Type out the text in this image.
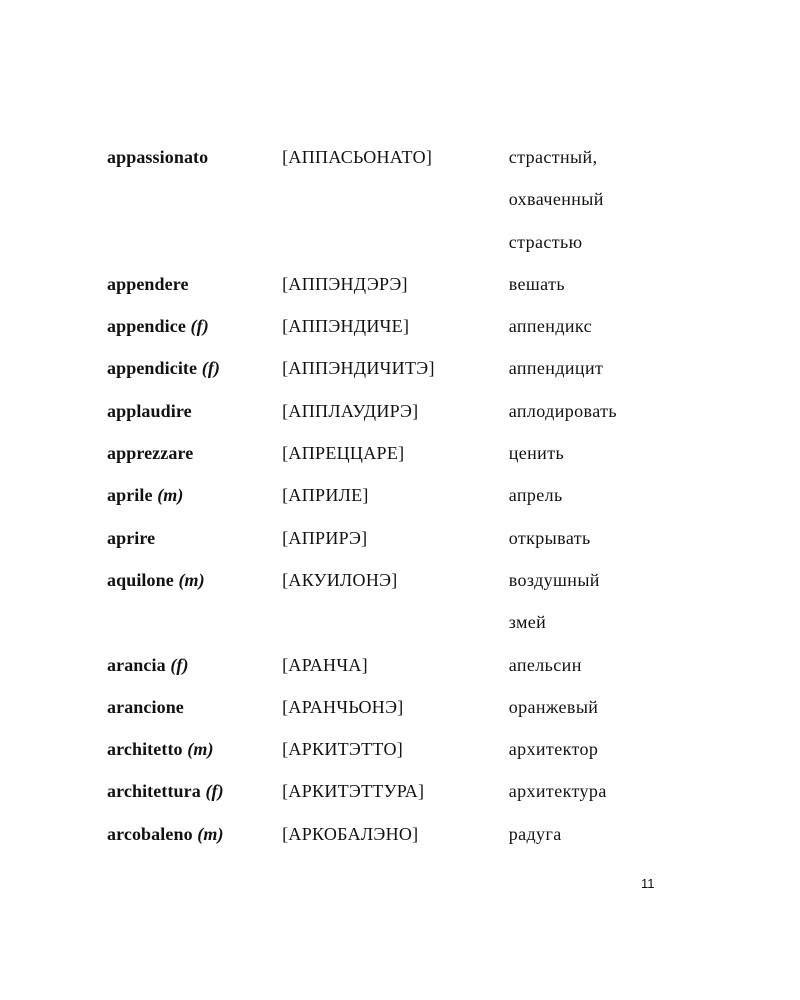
appassionato	[АППАСЬОНАТО]	страстный,
охваченный
страстью
appendere	[АППЭНДЭРЭ]	вешать
appendice (f)	[АППЭНДИЧЕ]	аппендикс
appendicite (f)	[АППЭНДИЧИТЭ]	аппендицит
applaudire	[АППЛАУДИРЭ]	аплодировать
apprezzare	[АПРЕЦЦАРЕ]	ценить
aprile (m)	[АПРИЛЕ]	апрель
aprire	[АПРИРЭ]	открывать
aquilone (m)	[АКУИЛОНЭ]	воздушный
змей
arancia (f)	[АРАНЧА]	апельсин
arancione	[АРАНЧЬОНЭ]	оранжевый
architetto (m)	[АРКИТЭТТО]	архитектор
architettura (f)	[АРКИТЭТТУРА]	архитектура
arcobaleno (m)	[АРКОБАЛЭНО]	радуга
11
